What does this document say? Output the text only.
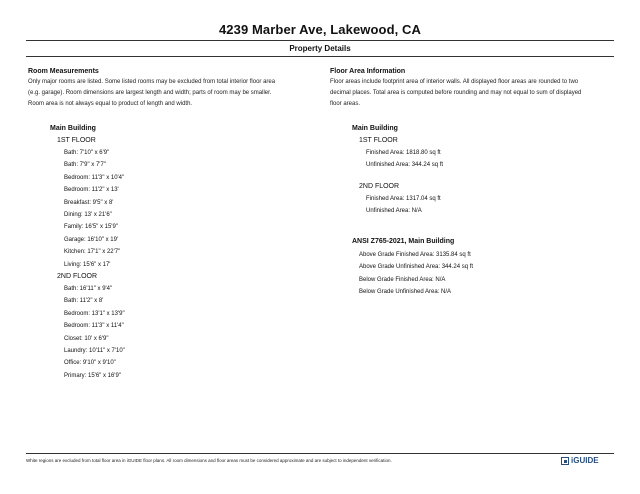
4239 Marber Ave, Lakewood, CA
Property Details
Room Measurements

Only major rooms are listed. Some listed rooms may be excluded from total interior floor area

(e.g. garage). Room dimensions are largest length and width; parts of room may be smaller.

Room area is not always equal to product of length and width.

Main Building
1ST FLOOR
Bath: 7'10" x 6'9"
Bath: 7'9" x 7'7"
Bedroom: 11'3" x 10'4"
Bedroom: 11'2" x 13'
Breakfast: 9'5" x 8'
Dining: 13' x 21'6"
Family: 16'5" x 15'9"
Garage: 16'10" x 19'
Kitchen: 17'1" x 22'7"
Living: 15'6" x 17'
2ND FLOOR
Bath: 16'11" x 9'4"
Bath: 11'2" x 8'
Bedroom: 13'1" x 13'9"
Bedroom: 11'3" x 11'4"
Closet: 10' x 6'9"
Laundry: 10'11" x 7'10"
Office: 9'10" x 9'10"
Primary: 15'6" x 16'9"
Floor Area Information

Floor areas include footprint area of interior walls. All displayed floor areas are rounded to two

decimal places. Total area is computed before rounding and may not equal to sum of displayed

floor areas.

Main Building
1ST FLOOR
Finished Area: 1818.80 sq ft
Unfinished Area: 344.24 sq ft
2ND FLOOR
Finished Area: 1317.04 sq ft
Unfinished Area: N/A
ANSI Z765-2021, Main Building
Above Grade Finished Area: 3135.84 sq ft
Above Grade Unfinished Area: 344.24 sq ft
Below Grade Finished Area: N/A
Below Grade Unfinished Area: N/A
White regions are excluded from total floor area in iGUIDE floor plans. All room dimensions and floor areas must be considered approximate and are subject to independent verification.	iGUIDE
